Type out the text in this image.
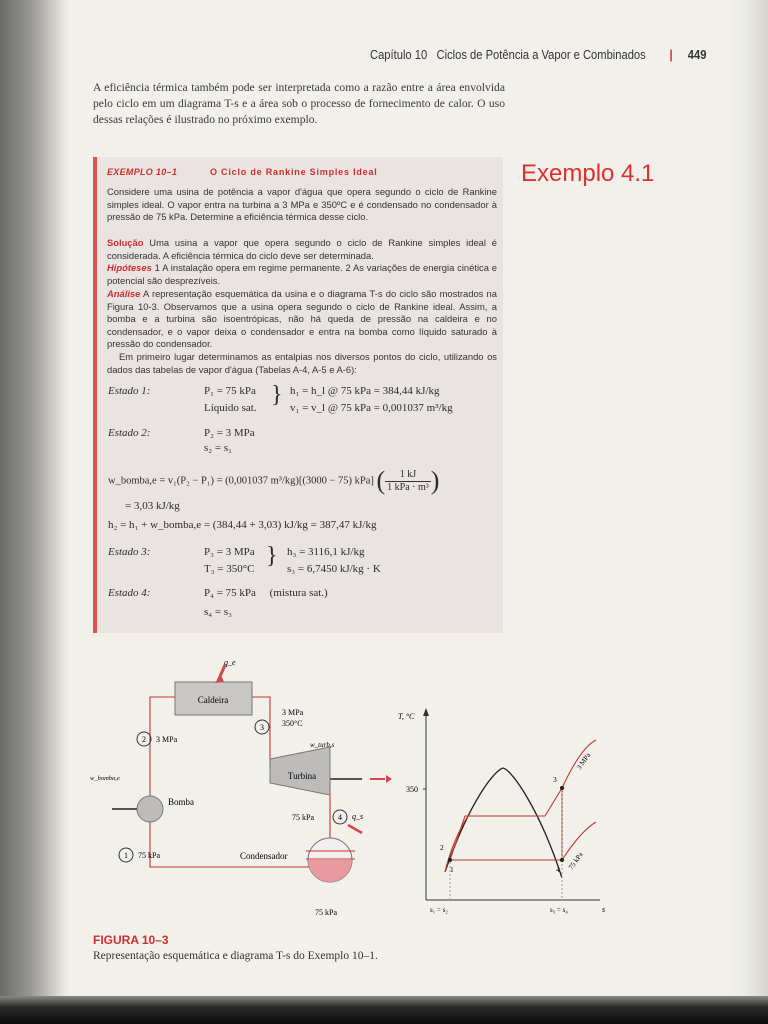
Capítulo 10 Ciclos de Potência a Vapor e Combinados | 449
A eficiência térmica também pode ser interpretada como a razão entre a área envolvida pelo ciclo em um diagrama T-s e a área sob o processo de fornecimento de calor. O uso dessas relações é ilustrado no próximo exemplo.
Exemplo 4.1
EXEMPLO 10–1	O Ciclo de Rankine Simples Ideal
Considere uma usina de potência a vapor d'água que opera segundo o ciclo de Rankine simples ideal. O vapor entra na turbina a 3 MPa e 350ºC e é condensado no condensador à pressão de 75 kPa. Determine a eficiência térmica desse ciclo.
Solução Uma usina a vapor que opera segundo o ciclo de Rankine simples ideal é considerada. A eficiência térmica do ciclo deve ser determinada.
Hipóteses 1 A instalação opera em regime permanente. 2 As variações de energia cinética e potencial são desprezíveis.
Análise A representação esquemática da usina e o diagrama T-s do ciclo são mostrados na Figura 10-3. Observamos que a usina opera segundo o ciclo de Rankine ideal. Assim, a bomba e a turbina são isoentrópicas, não há queda de pressão na caldeira e no condensador, e o vapor deixa o condensador e entra na bomba como líquido saturado à pressão do condensador.
Em primeiro lugar determinamos as entalpias nos diversos pontos do ciclo, utilizando os dados das tabelas de vapor d'água (Tabelas A-4, A-5 e A-6):
Estado 1:	P₁ = 75 kPa
Líquido sat. } h₁ = h_l @ 75 kPa = 384,44 kJ/kg
v₁ = v_l @ 75 kPa = 0,001037 m³/kg
Estado 2:	P₂ = 3 MPa
s₂ = s₁
w_bomba,e = v₁(P₂ − P₁) = (0,001037 m³/kg)[(3000 − 75) kPa] ( $\frac{1 kJ}{\text{1 kPa · m³}}$ )
= 3,03 kJ/kg
h₂ = h₁ + w_bomba,e = (384,44 + 3,03) kJ/kg = 387,47 kJ/kg
Estado 3:	P₃ = 3 MPa
T₃ = 350°C } h₃ = 3116,1 kJ/kg
s₃ = 6,7450 kJ/kg · K
Estado 4:	P₄ = 75 kPa     (mistura sat.)
s₄ = s₃
Caldeira
q_e
Turbina
w_turb,s
Bomba
w_bomba,e
Condensador
75 kPa
q_s
2 3 MPa
3
3 MPa
350°C
4
75 kPa
1 75 kPa
T, °C
s
350
1
2
3
4
3 MPa
75 kPa
s₁ = s₂	s₃ = s₄
FIGURA 10–3
Representação esquemática e diagrama T-s do Exemplo 10–1.
